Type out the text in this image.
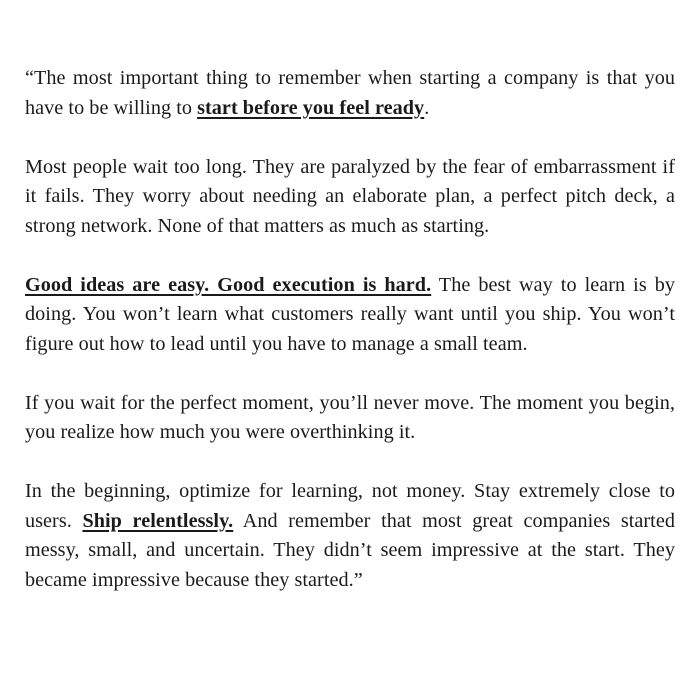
“The most important thing to remember when starting a company is that you have to be willing to start before you feel ready.

Most people wait too long. They are paralyzed by the fear of embarrassment if it fails. They worry about needing an elaborate plan, a perfect pitch deck, a strong network. None of that matters as much as starting.

Good ideas are easy. Good execution is hard. The best way to learn is by doing. You won’t learn what customers really want until you ship. You won’t figure out how to lead until you have to manage a small team.

If you wait for the perfect moment, you’ll never move. The moment you begin, you realize how much you were overthinking it.

In the beginning, optimize for learning, not money. Stay extremely close to users. Ship relentlessly. And remember that most great companies started messy, small, and uncertain. They didn’t seem impressive at the start. They became impressive because they started.”
